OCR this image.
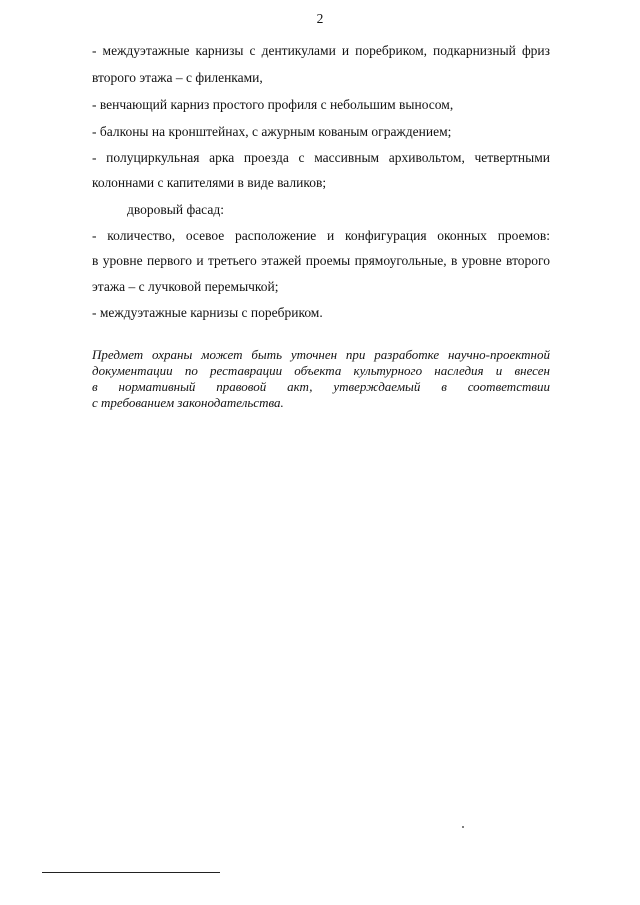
2
- междуэтажные карнизы с дентикулами и поребриком, подкарнизный фриз
второго этажа – с филенками,
- венчающий карниз простого профиля с небольшим выносом,
- балконы на кронштейнах, с ажурным кованым ограждением;
- полуциркульная арка проезда с массивным архивольтом, четвертными
колоннами с капителями в виде валиков;
дворовый фасад:
- количество, осевое расположение и конфигурация оконных проемов:
в уровне первого и третьего этажей проемы прямоугольные, в уровне второго
этажа – с лучковой перемычкой;
- междуэтажные карнизы с поребриком.
Предмет охраны может быть уточнен при разработке научно-проектной
документации по реставрации объекта культурного наследия и внесен
в нормативный правовой акт, утверждаемый в соответствии
с требованием законодательства.
